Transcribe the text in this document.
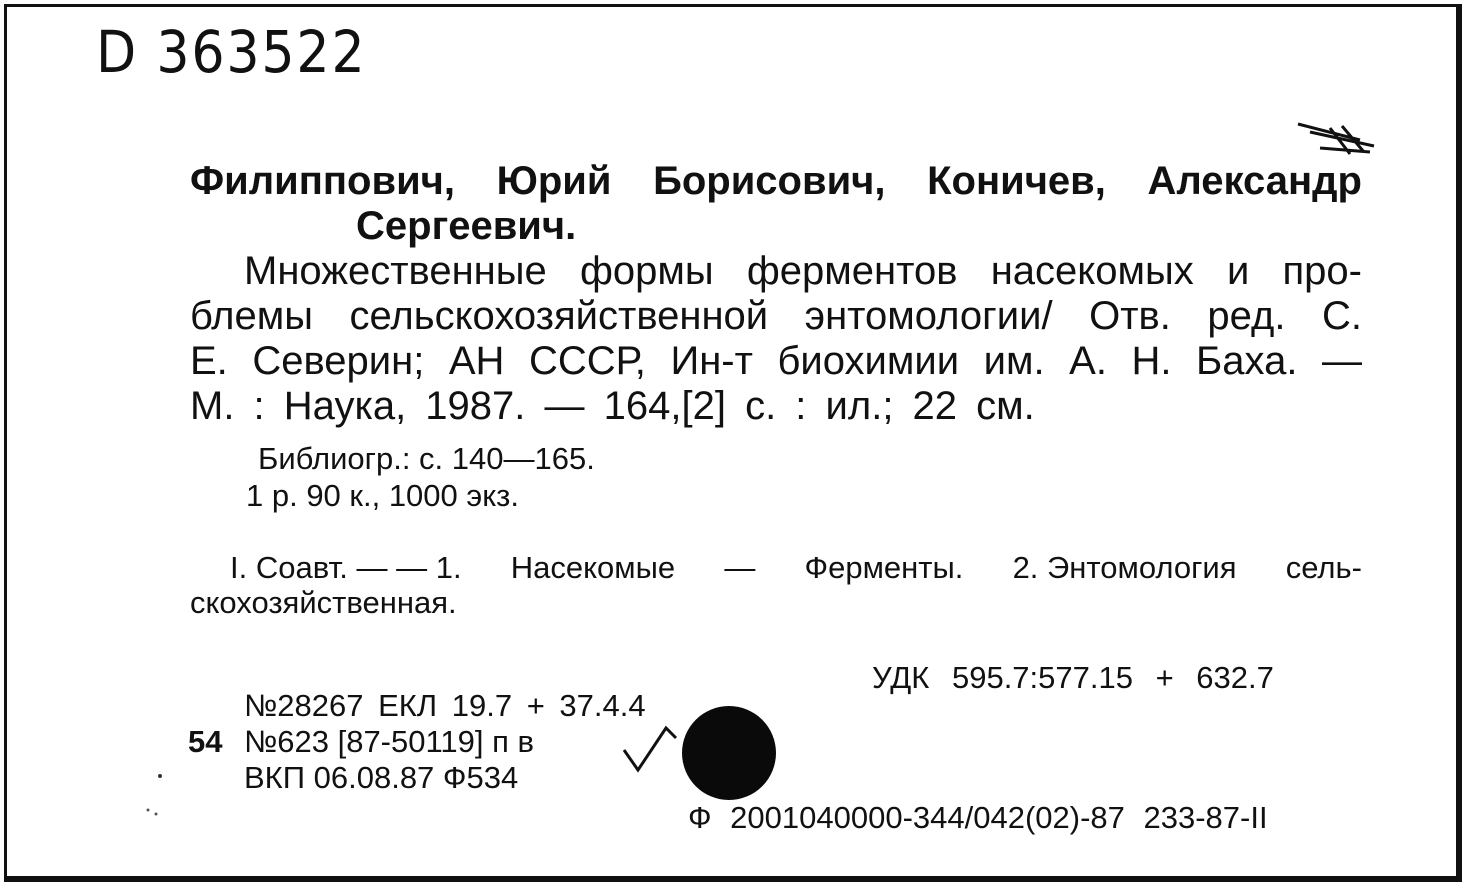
D 363522
Филиппович, Юрий Борисович, Коничев, Александр
Сергеевич.
Множественные формы ферментов насекомых и про-
блемы сельскохозяйственной энтомологии/ Отв. ред. С.
Е. Северин; АН СССР, Ин-т биохимии им. А. Н. Баха. —
М. : Наука, 1987. — 164,[2] с. : ил.; 22 см.
Библиогр.: с. 140—165.
1 р. 90 к., 1000 экз.
I. Соавт. — — 1. Насекомые — Ферменты. 2. Энтомология сель-
скохозяйственная.
УДК 595.7:577.15 + 632.7
№28267 ЕКЛ 19.7 + 37.4.4
54 №623 [87-50119] п в
ВКП 06.08.87 Ф534
Ф 2001040000-344/042(02)-87 233-87-II
